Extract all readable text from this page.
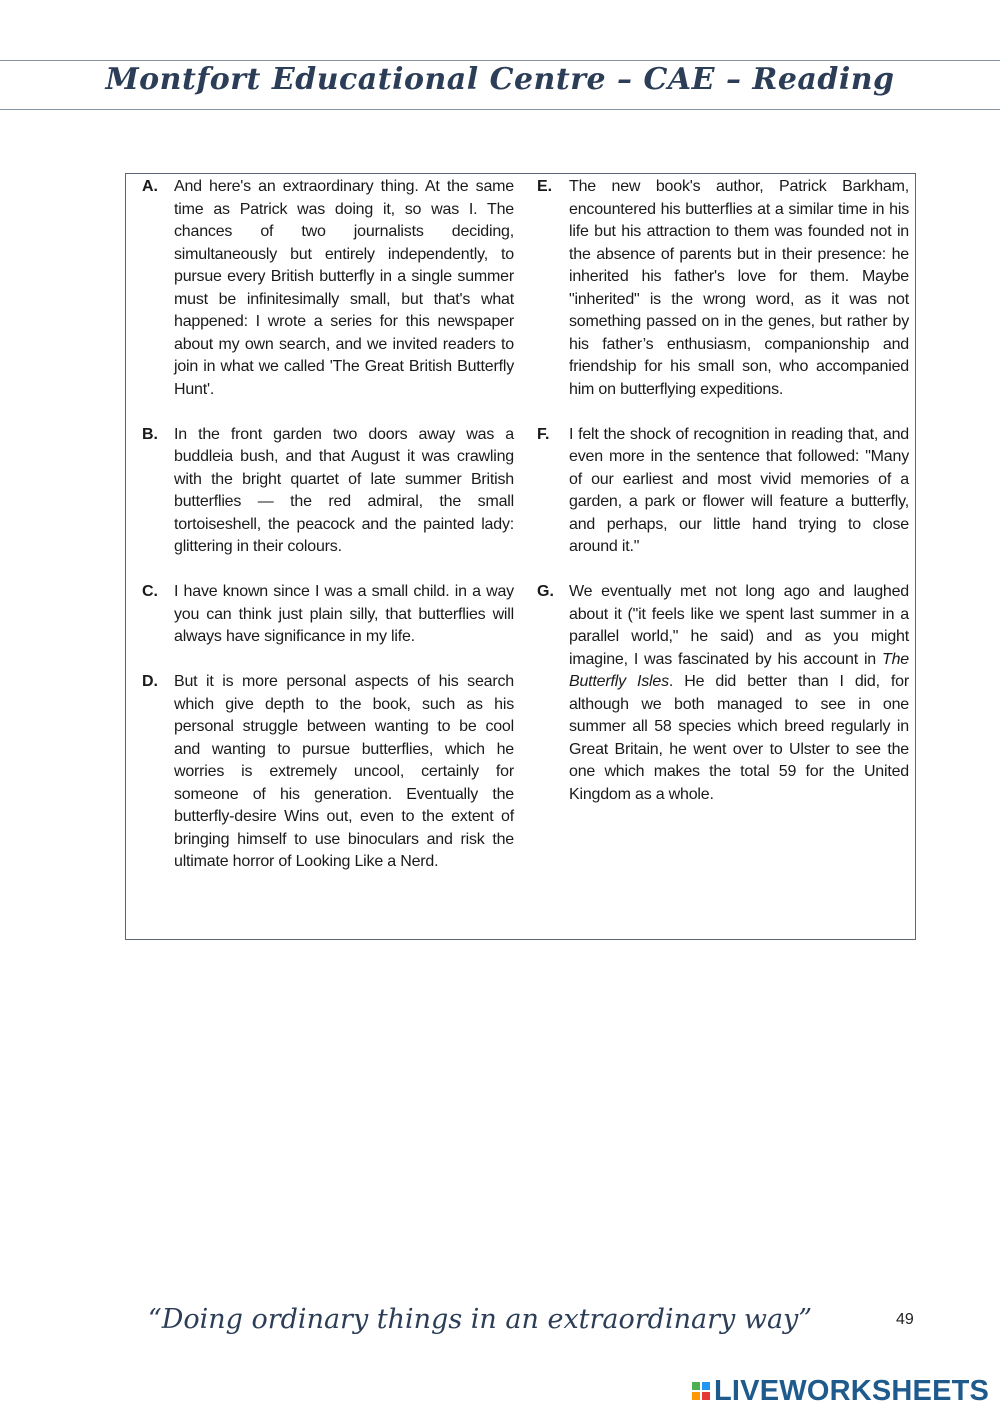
Montfort Educational Centre – CAE – Reading
A. And here's an extraordinary thing. At the same time as Patrick was doing it, so was I. The chances of two journalists deciding, simultaneously but entirely independently, to pursue every British butterfly in a single summer must be infinitesimally small, but that's what happened: I wrote a series for this newspaper about my own search, and we invited readers to join in what we called 'The Great British Butterfly Hunt'.
B. In the front garden two doors away was a buddleia bush, and that August it was crawling with the bright quartet of late summer British butterflies — the red admiral, the small tortoiseshell, the peacock and the painted lady: glittering in their colours.
C. I have known since I was a small child. in a way you can think just plain silly, that butterflies will always have significance in my life.
D. But it is more personal aspects of his search which give depth to the book, such as his personal struggle between wanting to be cool and wanting to pursue butterflies, which he worries is extremely uncool, certainly for someone of his generation. Eventually the butterfly-desire Wins out, even to the extent of bringing himself to use binoculars and risk the ultimate horror of Looking Like a Nerd.
E. The new book's author, Patrick Barkham, encountered his butterflies at a similar time in his life but his attraction to them was founded not in the absence of parents but in their presence: he inherited his father's love for them. Maybe "inherited" is the wrong word, as it was not something passed on in the genes, but rather by his father’s enthusiasm, companionship and friendship for his small son, who accompanied him on butterflying expeditions.
F. I felt the shock of recognition in reading that, and even more in the sentence that followed: "Many of our earliest and most vivid memories of a garden, a park or flower will feature a butterfly, and perhaps, our little hand trying to close around it."
G. We eventually met not long ago and laughed about it ("it feels like we spent last summer in a parallel world," he said) and as you might imagine, I was fascinated by his account in The Butterfly Isles. He did better than I did, for although we both managed to see in one summer all 58 species which breed regularly in Great Britain, he went over to Ulster to see the one which makes the total 59 for the United Kingdom as a whole.
“Doing ordinary things in an extraordinary way”	49
LIVEWORKSHEETS
